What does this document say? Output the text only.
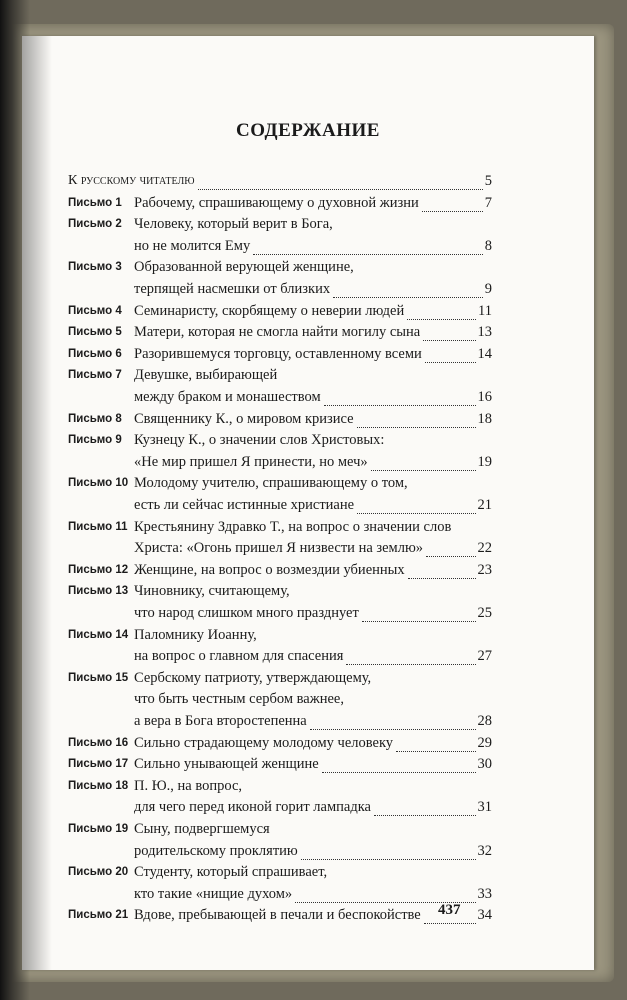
СОДЕРЖАНИЕ
К русскому читателю	5
Письмо 1 Рабочему, спрашивающему о духовной жизни	7
Письмо 2 Человеку, который верит в Бога,
но не молится Ему	8
Письмо 3 Образованной верующей женщине,
терпящей насмешки от близких	9
Письмо 4 Семинаристу, скорбящему о неверии людей	11
Письмо 5 Матери, которая не смогла найти могилу сына	13
Письмо 6 Разорившемуся торговцу, оставленному всеми	14
Письмо 7 Девушке, выбирающей
между браком и монашеством	16
Письмо 8 Священнику К., о мировом кризисе	18
Письмо 9 Кузнецу К., о значении слов Христовых:
«Не мир пришел Я принести, но меч»	19
Письмо 10 Молодому учителю, спрашивающему о том,
есть ли сейчас истинные христиане	21
Письмо 11 Крестьянину Здравко Т., на вопрос о значении слов
Христа: «Огонь пришел Я низвести на землю»	22
Письмо 12 Женщине, на вопрос о возмездии убиенных	23
Письмо 13 Чиновнику, считающему,
что народ слишком много празднует	25
Письмо 14 Паломнику Иоанну,
на вопрос о главном для спасения	27
Письмо 15 Сербскому патриоту, утверждающему,
что быть честным сербом важнее,
а вера в Бога второстепенна	28
Письмо 16 Сильно страдающему молодому человеку	29
Письмо 17 Сильно унывающей женщине	30
Письмо 18 П. Ю., на вопрос,
для чего перед иконой горит лампадка	31
Письмо 19 Сыну, подвергшемуся
родительскому проклятию	32
Письмо 20 Студенту, который спрашивает,
кто такие «нищие духом»	33
Письмо 21 Вдове, пребывающей в печали и беспокойстве	34
437
